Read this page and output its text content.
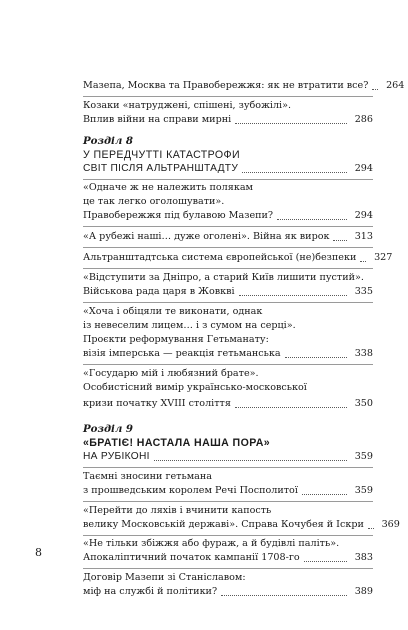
Мазепа, Москва та Правобережжя: як не втратити все?	264
Козаки «натруджені, спішені, зубожілі».
Вплив війни на справи мирні	286
Розділ 8
У ПЕРЕДЧУТТІ КАТАСТРОФИ
СВІТ ПІСЛЯ АЛЬТРАНШТАДТУ	294
«Одначе ж не належить полякам
це так легко оголошувати».
Правобережжя під булавою Мазепи?	294
«А рубежі наші… дуже оголені». Війна як вирок	313
Альтранштадтська система європейської (не)безпеки	327
«Відступити за Дніпро, а старий Київ лишити пустий».
Військова рада царя в Жовкві	335
«Хоча і обіцяли те виконати, однак
із невеселим лицем… і з сумом на серці».
Проєкти реформування Гетьманату:
візія імперська — реакція гетьманська	338
«Государю мій і любязний брате».
Особистісний вимір українсько-московської
кризи початку XVIII століття	350
Розділ 9
«БРАТІЄ! НАСТАЛА НАША ПОРА»
НА РУБІКОНІ	359
Таємні зносини гетьмана
з прошведським королем Речі Посполитої	359
«Перейти до ляхів і вчинити капость
велику Московській державі». Справа Кочубея й Іскри	369
«Не тільки збіжжя або фураж, а й будівлі паліть».
Апокаліптичний початок кампанії 1708-го	383
Договір Мазепи зі Станіславом:
міф на службі й політики?	389
8
